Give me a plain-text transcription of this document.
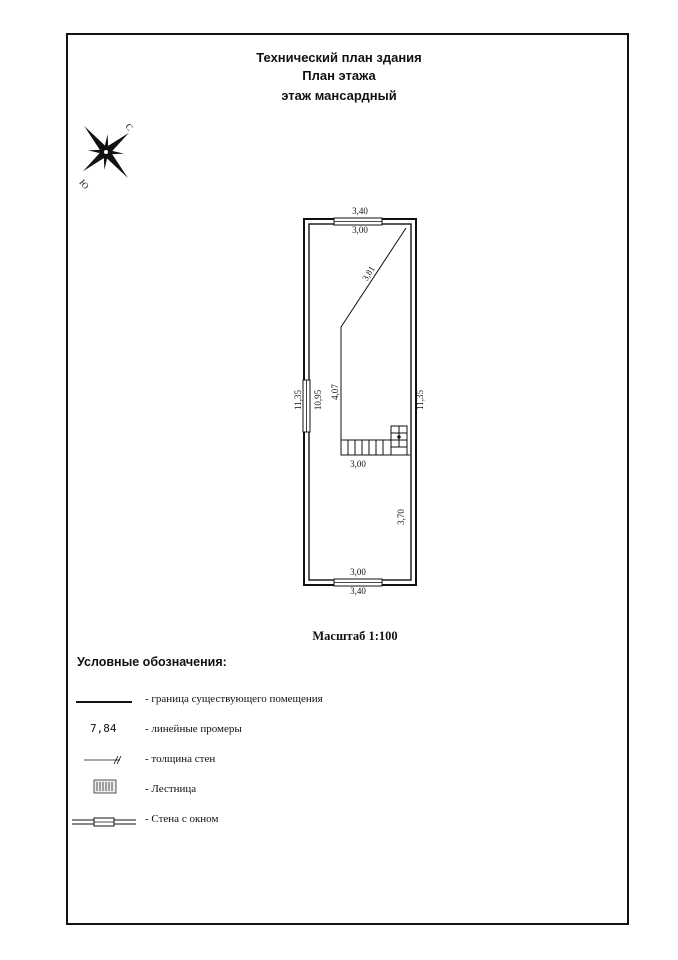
Технический план здания
План этажа
этаж мансардный
С
Ю
3,40
3,00
3,81
11,35 10,95 4,07	11,35
3,00
3,70
3,00
3,40
Масштаб 1:100
Условные обозначения:
7,84
- граница существующего помещения
- линейные промеры
- толщина стен
- Лестница
- Стена с окном
